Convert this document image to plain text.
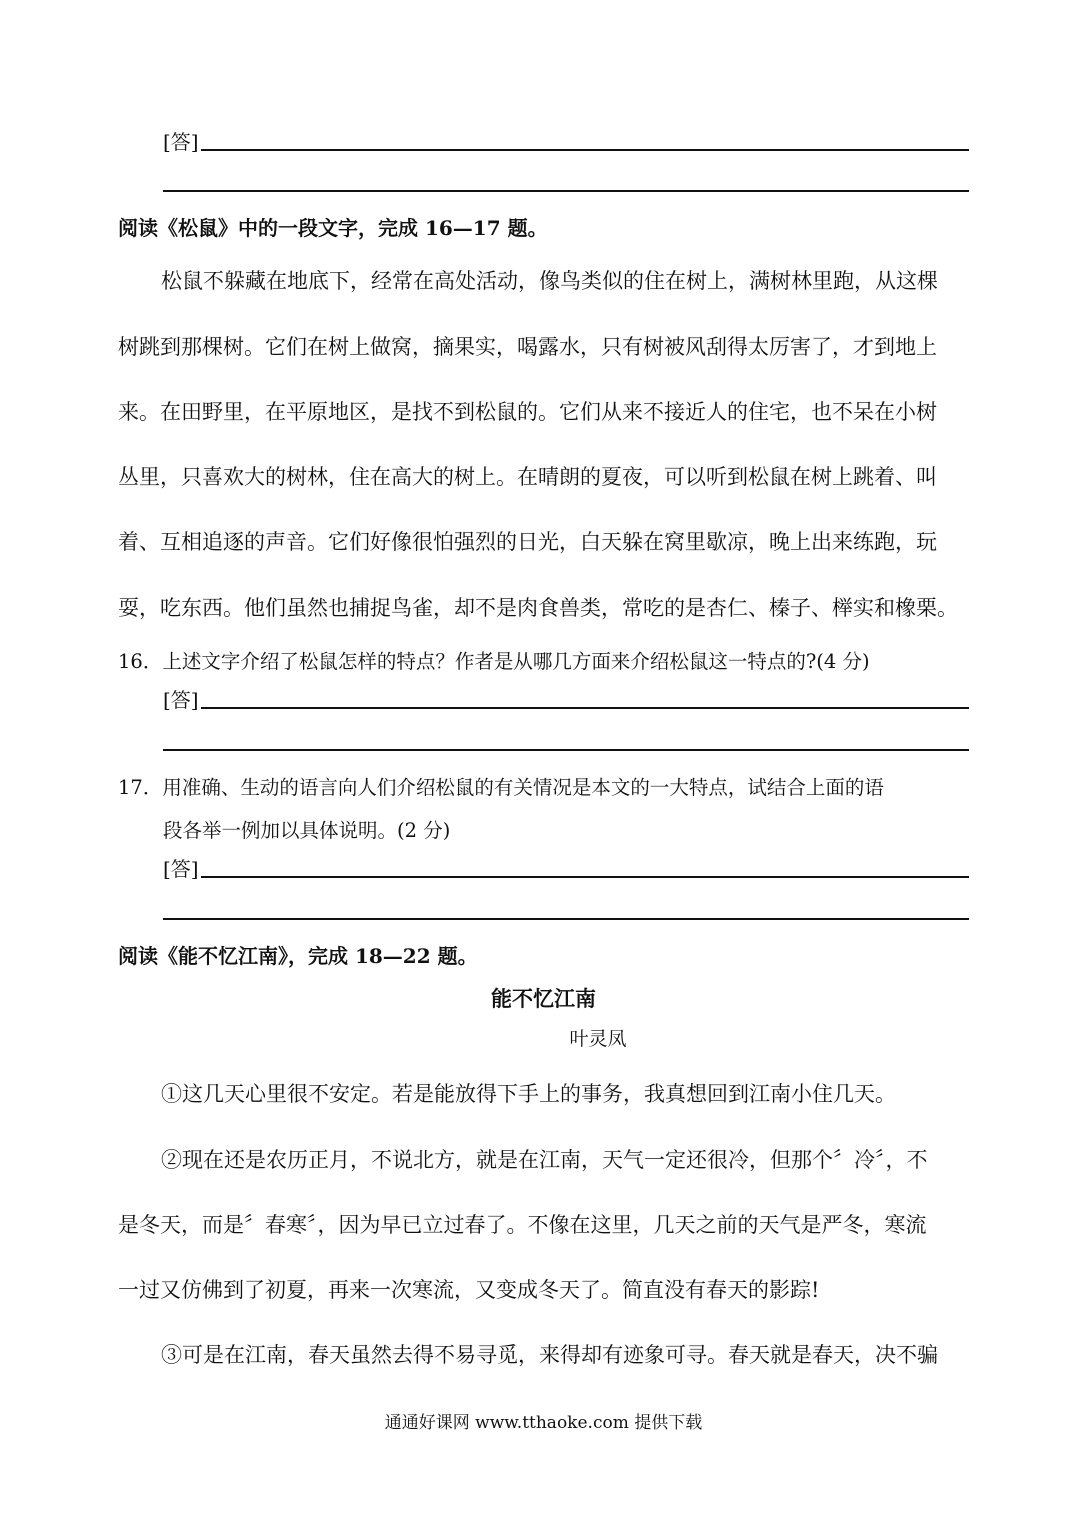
[答]
阅读《松鼠》中的一段文字，完成 16—17 题。
松鼠不躲藏在地底下，经常在高处活动，像鸟类似的住在树上，满树林里跑，从这棵
树跳到那棵树。它们在树上做窝，摘果实，喝露水，只有树被风刮得太厉害了，才到地上
来。在田野里，在平原地区，是找不到松鼠的。它们从来不接近人的住宅，也不呆在小树
丛里，只喜欢大的树林，住在高大的树上。在晴朗的夏夜，可以听到松鼠在树上跳着、叫
着、互相追逐的声音。它们好像很怕强烈的日光，白天躲在窝里歇凉，晚上出来练跑，玩
耍，吃东西。他们虽然也捕捉鸟雀，却不是肉食兽类，常吃的是杏仁、榛子、榉实和橡栗。
16．上述文字介绍了松鼠怎样的特点？作者是从哪几方面来介绍松鼠这一特点的?(4 分)
[答]
17．用准确、生动的语言向人们介绍松鼠的有关情况是本文的一大特点，试结合上面的语
段各举一例加以具体说明。(2 分)
[答]
阅读《能不忆江南》，完成 18—22 题。
能不忆江南
叶灵凤
①这几天心里很不安定。若是能放得下手上的事务，我真想回到江南小住几天。
②现在还是农历正月，不说北方，就是在江南，天气一定还很冷，但那个〞冷〞，不
是冬天，而是〞春寒〞，因为早已立过春了。不像在这里，几天之前的天气是严冬，寒流
一过又仿佛到了初夏，再来一次寒流，又变成冬天了。简直没有春天的影踪!
③可是在江南，春天虽然去得不易寻觅，来得却有迹象可寻。春天就是春天，决不骗
通通好课网 www.tthaoke.com 提供下载
